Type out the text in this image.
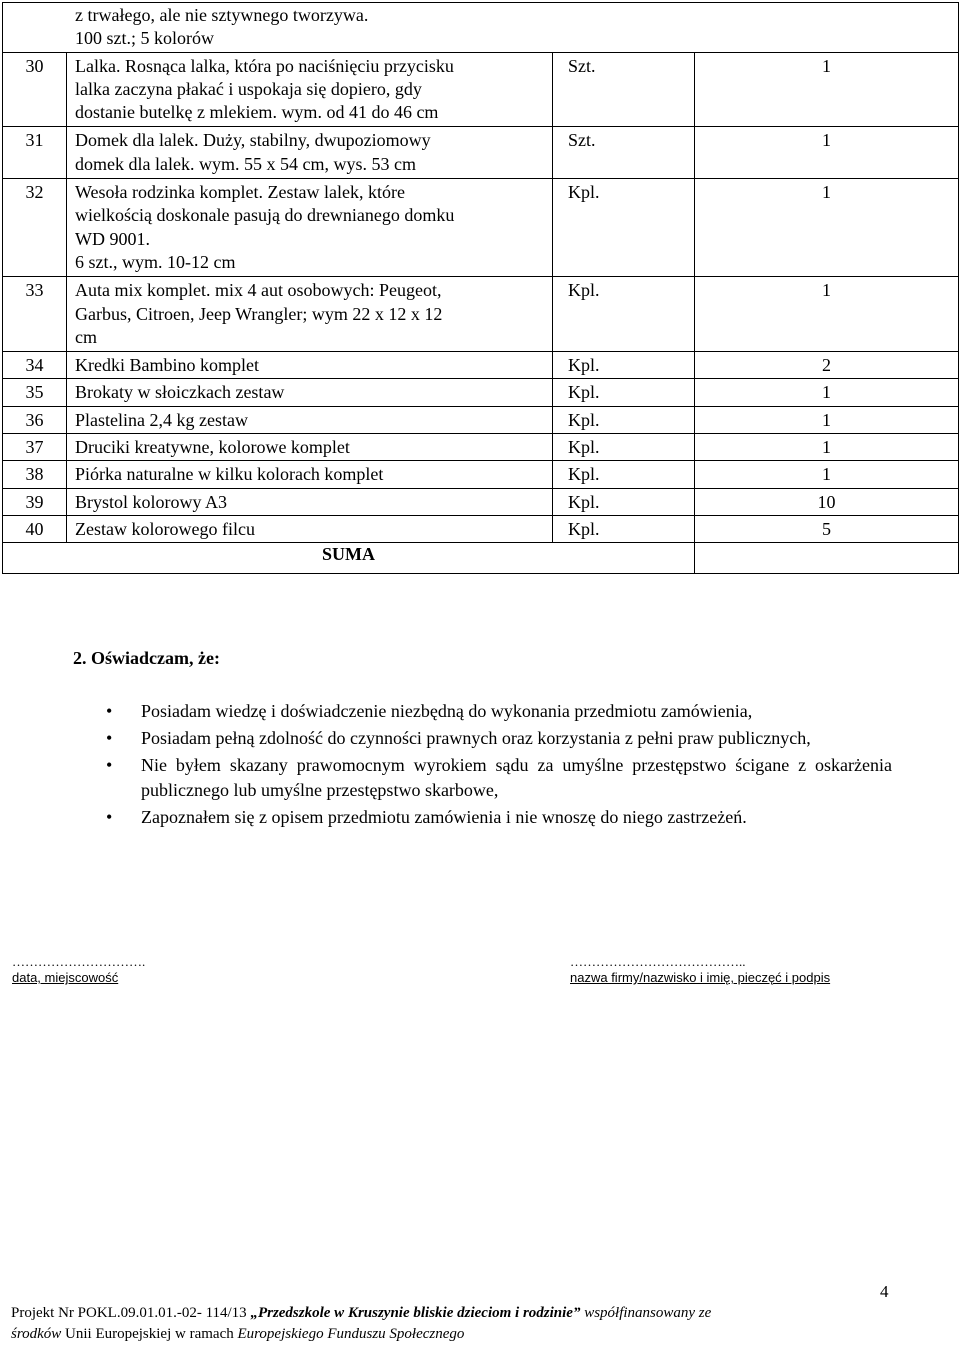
z trwałego, ale nie sztywnego tworzywa.
100 szt.; 5 kolorów			

30	Lalka. Rosnąca lalka, która po naciśnięciu przycisku
lalka zaczyna płakać i uspokaja się dopiero, gdy
dostanie butelkę z mlekiem. wym. od 41 do 46 cm	Szt.	1
31	Domek dla lalek. Duży, stabilny, dwupoziomowy
domek dla lalek. wym. 55 x 54 cm, wys. 53 cm	Szt.	1
32	Wesoła rodzinka komplet. Zestaw lalek, które
wielkością doskonale pasują do drewnianego domku
WD 9001.
6 szt., wym. 10-12 cm	Kpl.	1
33	Auta mix komplet. mix 4 aut osobowych: Peugeot,
Garbus, Citroen, Jeep Wrangler; wym 22 x 12 x 12
cm	Kpl.	1
34	Kredki Bambino komplet	Kpl.	2
35	Brokaty w słoiczkach zestaw	Kpl.	1
36	Plastelina 2,4 kg zestaw	Kpl.	1
37	Druciki kreatywne, kolorowe komplet	Kpl.	1
38	Piórka naturalne w kilku kolorach komplet	Kpl.	1
39	Brystol kolorowy A3	Kpl.	10
40	Zestaw kolorowego filcu	Kpl.	5
SUMA			
2. Oświadczam, że:
• Posiadam wiedzę i doświadczenie niezbędną do wykonania przedmiotu zamówienia,
• Posiadam pełną zdolność do czynności prawnych oraz korzystania z pełni praw publicznych,
• Nie byłem skazany prawomocnym wyrokiem sądu za umyślne przestępstwo ścigane z oskarżenia publicznego lub umyślne przestępstwo skarbowe,
• Zapoznałem się z opisem przedmiotu zamówienia i nie wnoszę do niego zastrzeżeń.
………………………….
data, miejscowość
…………………………………..
nazwa firmy/nazwisko i imię, pieczęć i podpis
4
Projekt Nr POKL.09.01.01.-02- 114/13 „Przedszkole w Kruszynie bliskie dzieciom i rodzinie” współfinansowany ze
środków Unii Europejskiej w ramach Europejskiego Funduszu Społecznego
